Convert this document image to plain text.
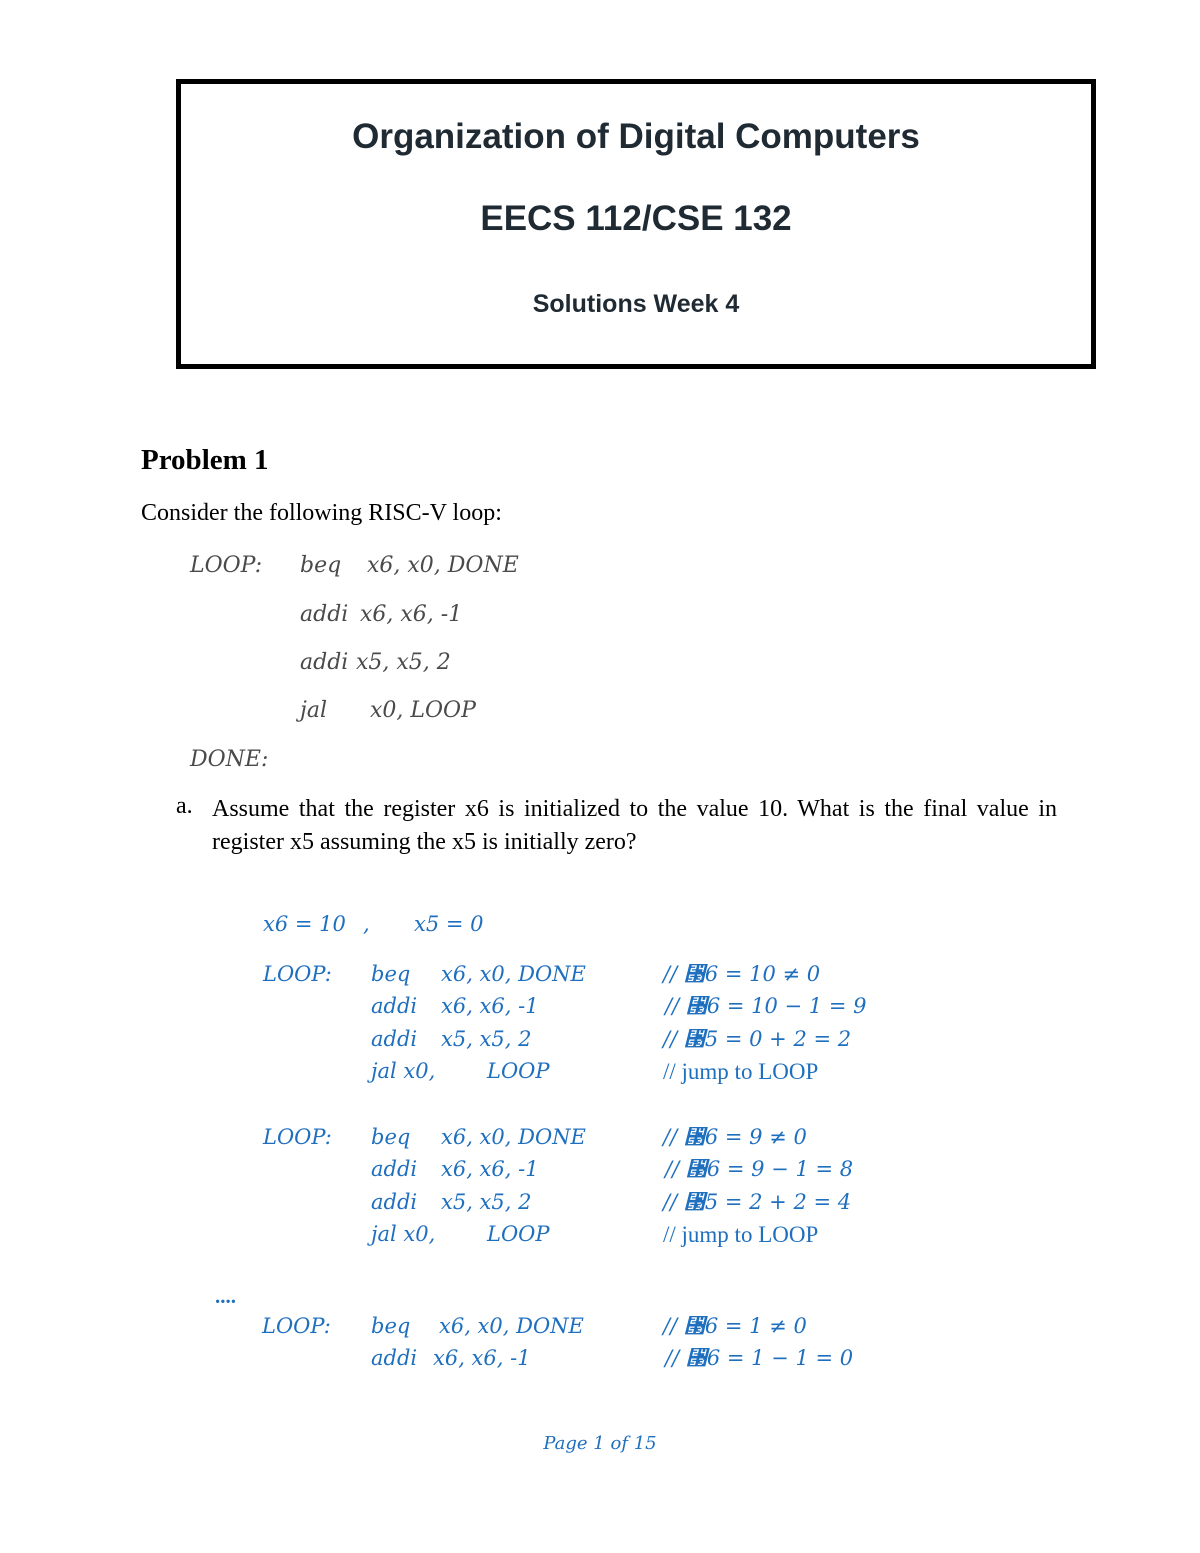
Organization of Digital Computers
EECS 112/CSE 132
Solutions Week 4
Problem 1
Consider the following RISC-V loop:
LOOP: beq x6, x0, DONE
addi x6, x6, -1
addi x5, x5, 2
jal x0, LOOP
DONE:
a. Assume that the register x6 is initialized to the value 10. What is the final value in register x5 assuming the x5 is initially zero?
x6 = 10 , x5 = 0
LOOP: beq x6, x0, DONE	// ⑓6 = 10 ≠ 0
addi x6, x6, -1	// ⑓6 = 10 − 1 = 9
addi x5, x5, 2	// ⑓5 = 0 + 2 = 2
jal x0, LOOP	// jump to LOOP
LOOP: beq x6, x0, DONE	// ⑓6 = 9 ≠ 0
addi x6, x6, -1	// ⑓6 = 9 − 1 = 8
addi x5, x5, 2	// ⑓5 = 2 + 2 = 4
jal x0, LOOP	// jump to LOOP
....
LOOP: beq x6, x0, DONE	// ⑓6 = 1 ≠ 0
addi x6, x6, -1	// ⑓6 = 1 − 1 = 0
Page 1 of 15
